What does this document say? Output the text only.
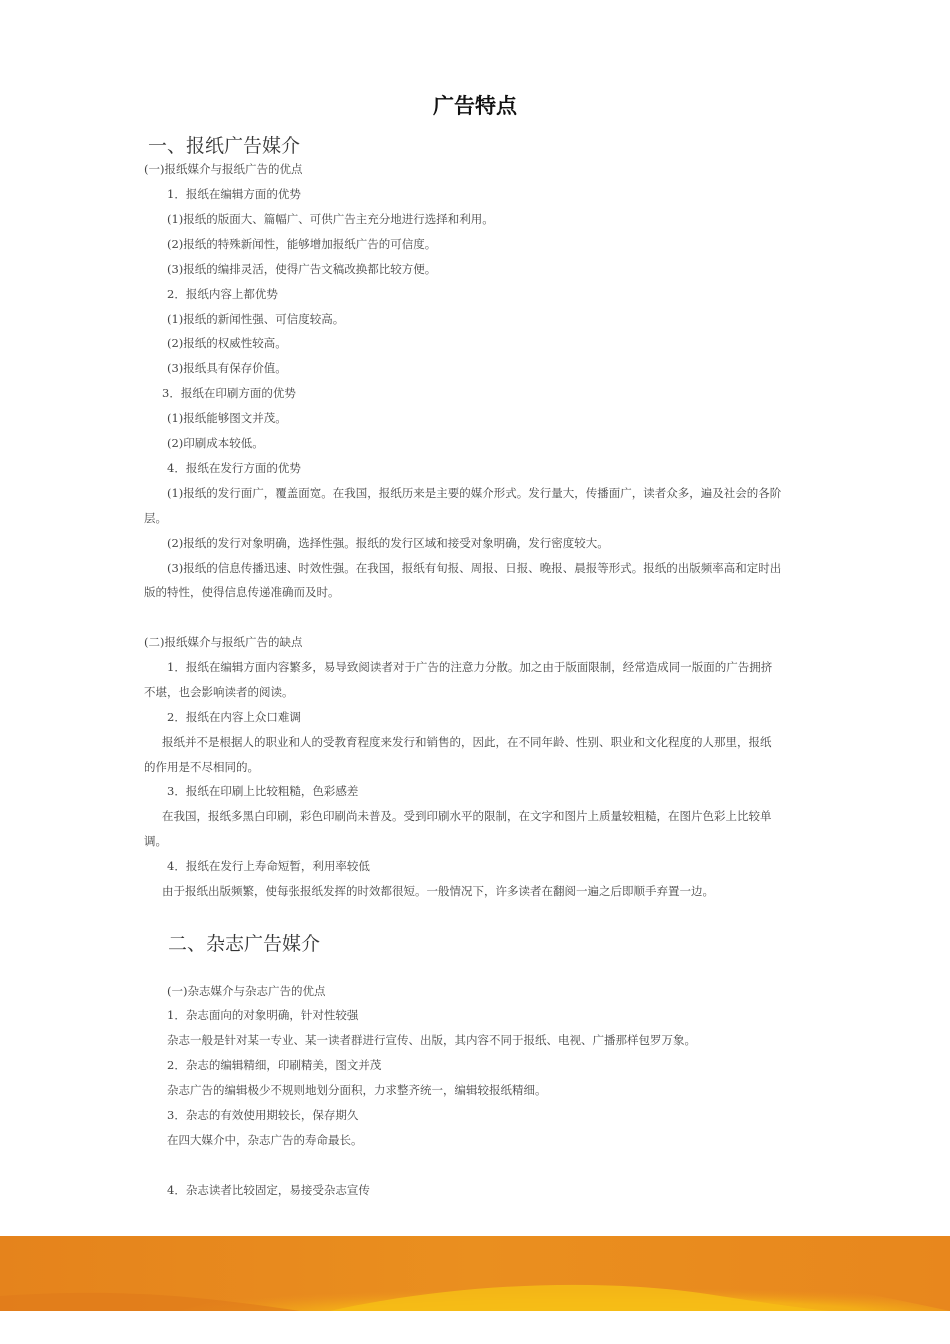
广告特点
一、报纸广告媒介
(一)报纸媒介与报纸广告的优点
1．报纸在编辑方面的优势
(1)报纸的版面大、篇幅广、可供广告主充分地进行选择和利用。
(2)报纸的特殊新闻性，能够增加报纸广告的可信度。
(3)报纸的编排灵活，使得广告文稿改换都比较方便。
2．报纸内容上都优势
(1)报纸的新闻性强、可信度较高。
(2)报纸的权威性较高。
(3)报纸具有保存价值。
3．报纸在印刷方面的优势
(1)报纸能够图文并茂。
(2)印刷成本较低。
4．报纸在发行方面的优势
(1)报纸的发行面广，覆盖面宽。在我国，报纸历来是主要的媒介形式。发行量大，传播面广，读者众多，遍及社会的各阶
层。
(2)报纸的发行对象明确，选择性强。报纸的发行区域和接受对象明确，发行密度较大。
(3)报纸的信息传播迅速、时效性强。在我国，报纸有旬报、周报、日报、晚报、晨报等形式。报纸的出版频率高和定时出
版的特性，使得信息传递准确而及时。
(二)报纸媒介与报纸广告的缺点
1．报纸在编辑方面内容繁多，易导致阅读者对于广告的注意力分散。加之由于版面限制，经常造成同一版面的广告拥挤
不堪，也会影响读者的阅读。
2．报纸在内容上众口难调
报纸并不是根据人的职业和人的受教育程度来发行和销售的，因此，在不同年龄、性别、职业和文化程度的人那里，报纸
的作用是不尽相同的。
3．报纸在印刷上比较粗糙，色彩感差
在我国，报纸多黑白印刷，彩色印刷尚未普及。受到印刷水平的限制，在文字和图片上质量较粗糙，在图片色彩上比较单
调。
4．报纸在发行上寿命短暂，利用率较低
由于报纸出版频繁，使每张报纸发挥的时效都很短。一般情况下，许多读者在翻阅一遍之后即顺手弃置一边。
二、杂志广告媒介
(一)杂志媒介与杂志广告的优点
1．杂志面向的对象明确，针对性较强
杂志一般是针对某一专业、某一读者群进行宣传、出版，其内容不同于报纸、电视、广播那样包罗万象。
2．杂志的编辑精细，印刷精美，图文并茂
杂志广告的编辑极少不规则地划分面积，力求整齐统一，编辑较报纸精细。
3．杂志的有效使用期较长，保存期久
在四大媒介中，杂志广告的寿命最长。
4．杂志读者比较固定，易接受杂志宣传
